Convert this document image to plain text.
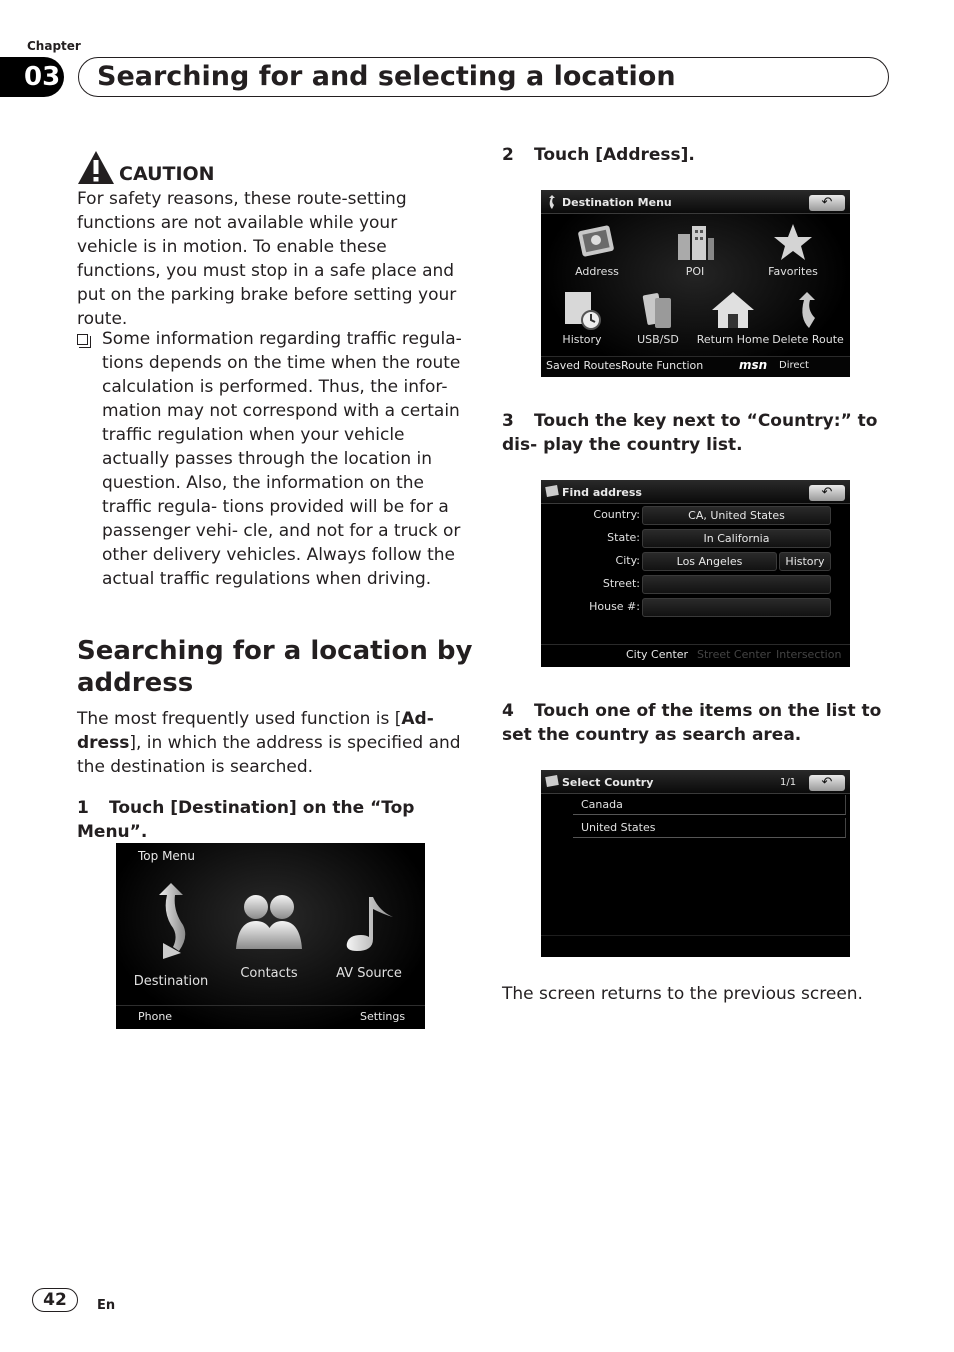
Chapter
03 Searching for and selecting a location
CAUTION

For safety reasons, these route-setting functions are not available while your vehicle is in motion. To enable these functions, you must stop in a safe place and put on the parking brake before setting your route.

Some information regarding traffic regula- tions depends on the time when the route calculation is performed. Thus, the infor- mation may not correspond with a certain traffic regulation when your vehicle actually passes through the location in question. Also, the information on the traffic regula- tions provided will be for a passenger vehi- cle, and not for a truck or other delivery vehicles. Always follow the actual traffic regulations when driving.

Searching for a location by address

The most frequently used function is [Ad- dress], in which the address is specified and the destination is searched.

1 Touch [Destination] on the “Top Menu”.
Top Menu
Destination
Contacts	AV Source
Phone	Settings
2 Touch [Address].
Destination Menu	↶
Address	POI	Favorites
History	USB/SD	Return Home Delete Route
Saved Routes Route Function	msn Direct
3 Touch the key next to “Country:” to dis- play the country list.
Find address	↶
Country:	CA, United States
State:	In California
City:	Los Angeles	History
Street:
House #:
City Center Street Center Intersection
4 Touch one of the items on the list to set the country as search area.
Select Country	1/1	↶
Canada
United States

The screen returns to the previous screen.

42	En
